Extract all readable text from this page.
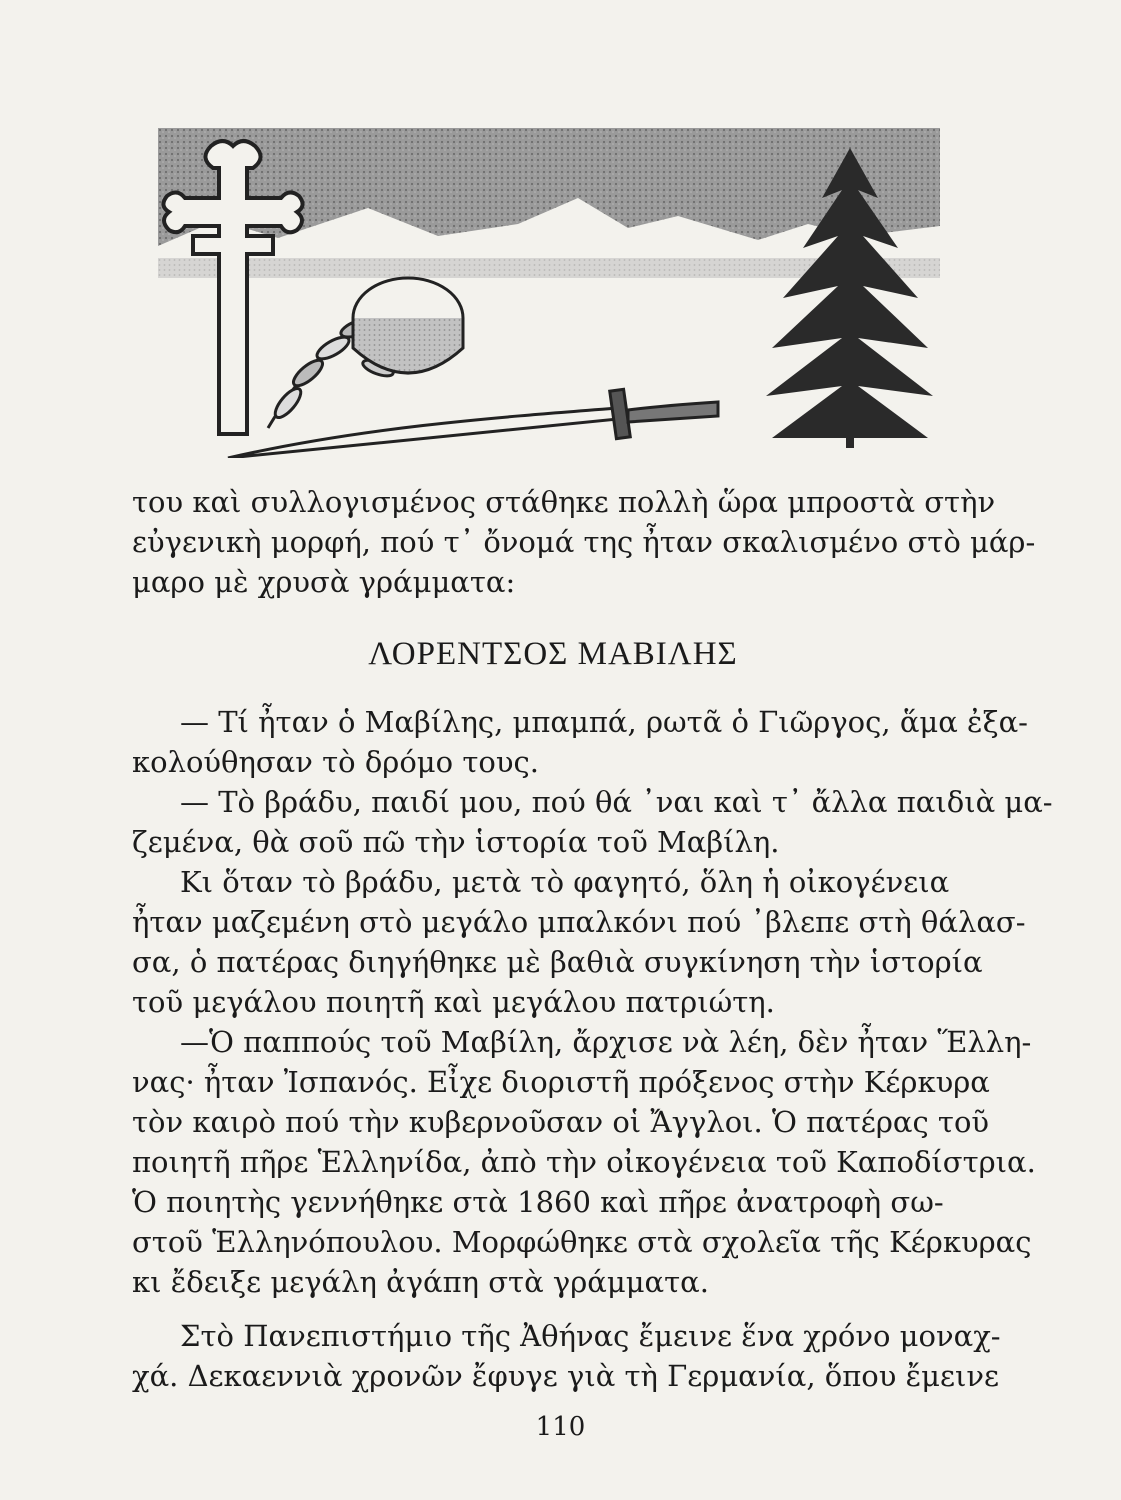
του καὶ συλλογισμένος στάθηκε πολλὴ ὥρα μπροστὰ στὴν
εὐγενικὴ μορφή, πού τ᾽ ὄνομά της ἦταν σκαλισμένο στὸ μάρ-
μαρο μὲ χρυσὰ γράμματα:
ΛΟΡΕΝΤΣΟΣ ΜΑΒΙΛΗΣ
— Τί ἦταν ὁ Μαβίλης, μπαμπά, ρωτᾶ ὁ Γιῶργος, ἅμα ἐξα-
κολούθησαν τὸ δρόμο τους.
— Τὸ βράδυ, παιδί μου, πού θά ᾽ναι καὶ τ᾽ ἄλλα παιδιὰ μα-
ζεμένα, θὰ σοῦ πῶ τὴν ἱστορία τοῦ Μαβίλη.
Κι ὅταν τὸ βράδυ, μετὰ τὸ φαγητό, ὅλη ἡ οἰκογένεια
ἦταν μαζεμένη στὸ μεγάλο μπαλκόνι πού ᾽βλεπε στὴ θάλασ-
σα, ὁ πατέρας διηγήθηκε μὲ βαθιὰ συγκίνηση τὴν ἱστορία
τοῦ μεγάλου ποιητῆ καὶ μεγάλου πατριώτη.
—Ὁ παππούς τοῦ Μαβίλη, ἄρχισε νὰ λέη, δὲν ἦταν Ἕλλη-
νας· ἦταν Ἰσπανός. Εἶχε διοριστῆ πρόξενος στὴν Κέρκυρα
τὸν καιρὸ πού τὴν κυβερνοῦσαν οἱ Ἄγγλοι. Ὁ πατέρας τοῦ
ποιητῆ πῆρε Ἑλληνίδα, ἀπὸ τὴν οἰκογένεια τοῦ Καποδίστρια.
Ὁ ποιητὴς γεννήθηκε στὰ 1860 καὶ πῆρε ἀνατροφὴ σω-
στοῦ Ἑλληνόπουλου. Μορφώθηκε στὰ σχολεῖα τῆς Κέρκυρας
κι ἔδειξε μεγάλη ἀγάπη στὰ γράμματα.
Στὸ Πανεπιστήμιο τῆς Ἀθήνας ἔμεινε ἕνα χρόνο μοναχ-
χά. Δεκαεννιὰ χρονῶν ἔφυγε γιὰ τὴ Γερμανία, ὅπου ἔμεινε
110
